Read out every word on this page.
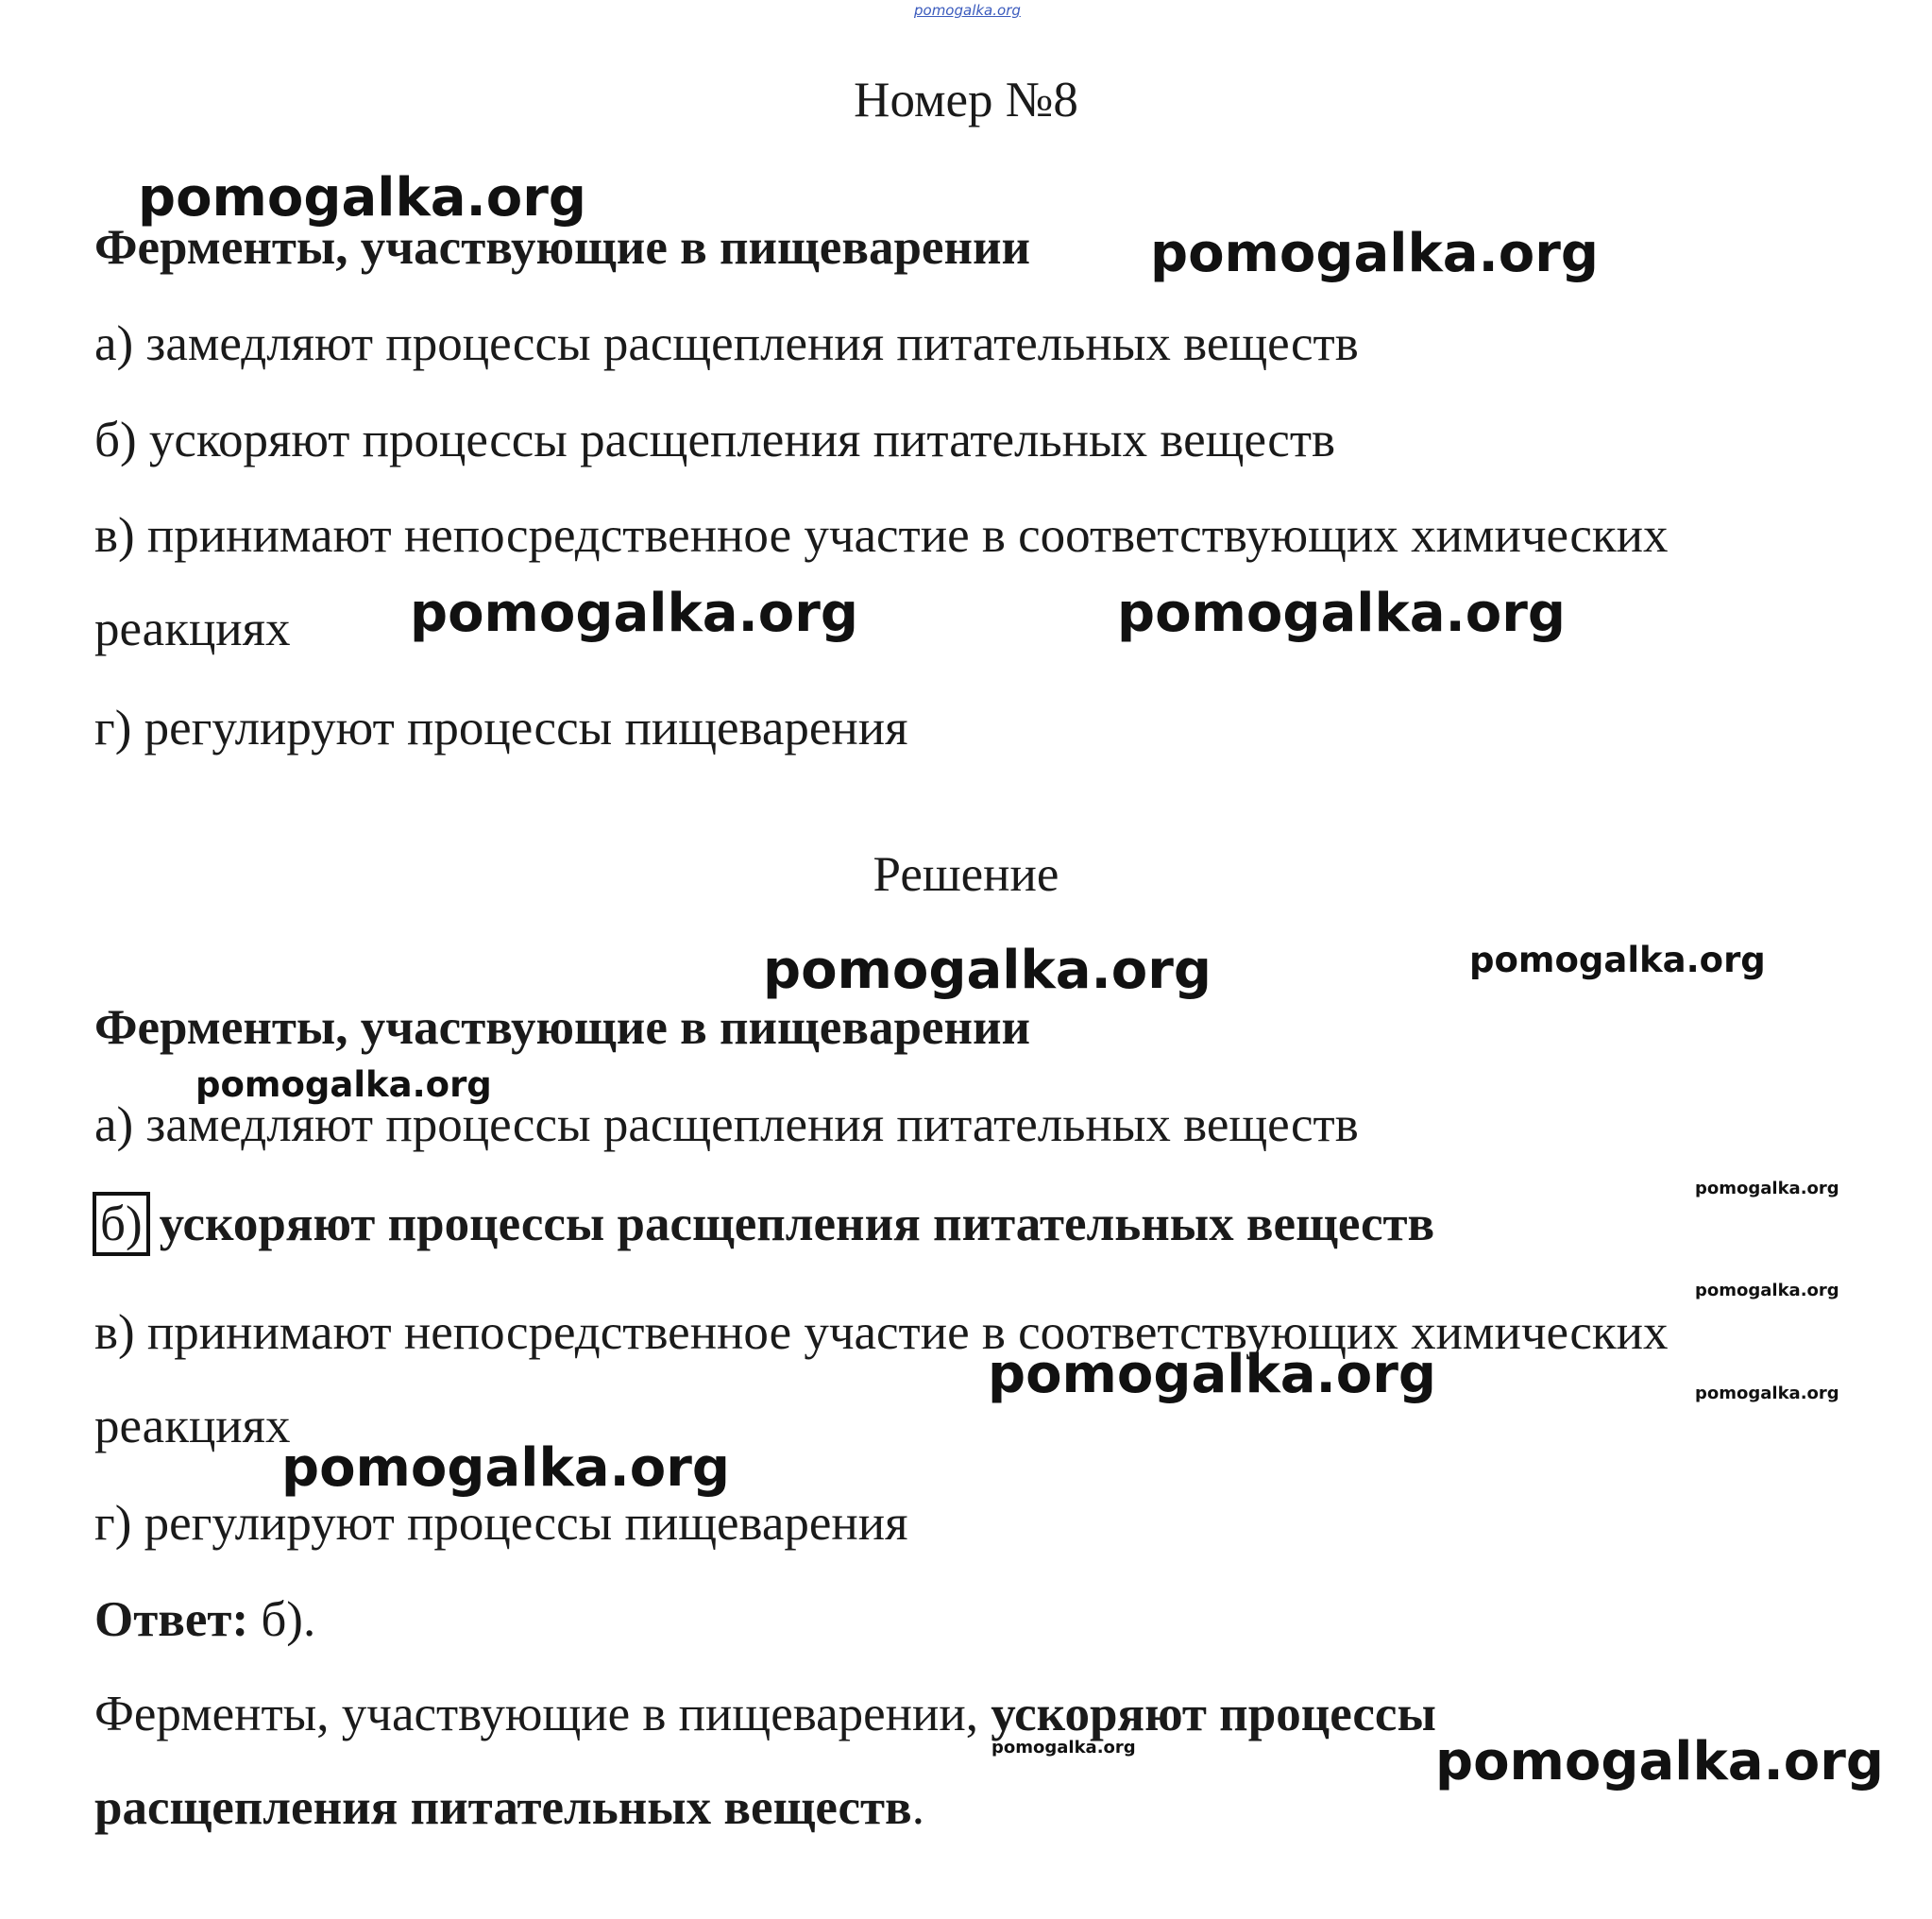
pomogalka.org
Номер №8
Ферменты, участвующие в пищеварении
а) замедляют процессы расщепления питательных веществ
б) ускоряют процессы расщепления питательных веществ
в) принимают непосредственное участие в соответствующих химических
реакциях
г) регулируют процессы пищеварения
Решение
Ферменты, участвующие в пищеварении
а) замедляют процессы расщепления питательных веществ
б) ускоряют процессы расщепления питательных веществ
в) принимают непосредственное участие в соответствующих химических
реакциях
г) регулируют процессы пищеварения
Ответ: б).
Ферменты, участвующие в пищеварении, ускоряют процессы
расщепления питательных веществ.
pomogalka.org
pomogalka.org
pomogalka.org	pomogalka.org
pomogalka.org	pomogalka.org
pomogalka.org
pomogalka.org
pomogalka.org
pomogalka.org	pomogalka.org
pomogalka.org
pomogalka.org	pomogalka.org
